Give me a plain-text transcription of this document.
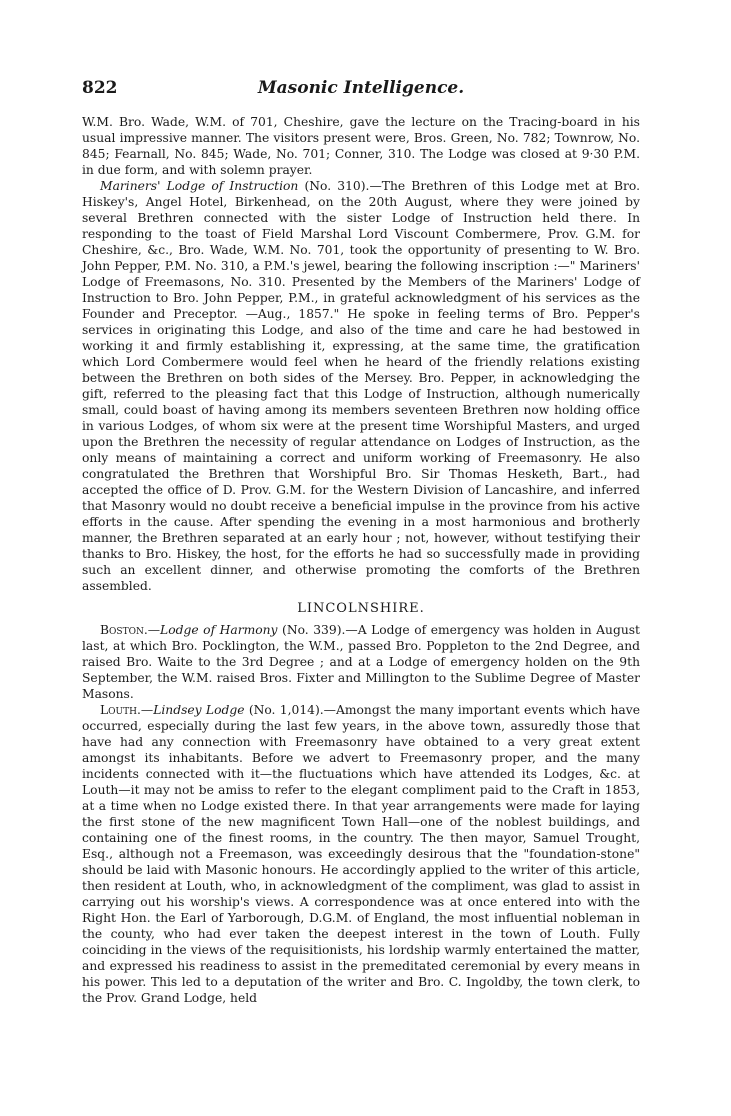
822	Masonic Intelligence.

W.M. Bro. Wade, W.M. of 701, Cheshire, gave the lecture on the Tracing-board in his usual impressive manner. The visitors present were, Bros. Green, No. 782; Townrow, No. 845; Fearnall, No. 845; Wade, No. 701; Conner, 310. The Lodge was closed at 9·30 P.M. in due form, and with solemn prayer.

Mariners' Lodge of Instruction (No. 310).—The Brethren of this Lodge met at Bro. Hiskey's, Angel Hotel, Birkenhead, on the 20th August, where they were joined by several Brethren connected with the sister Lodge of Instruction held there. In responding to the toast of Field Marshal Lord Viscount Combermere, Prov. G.M. for Cheshire, &c., Bro. Wade, W.M. No. 701, took the opportunity of presenting to W. Bro. John Pepper, P.M. No. 310, a P.M.'s jewel, bearing the following inscription :—" Mariners' Lodge of Freemasons, No. 310. Presented by the Members of the Mariners' Lodge of Instruction to Bro. John Pepper, P.M., in grateful acknowledgment of his services as the Founder and Preceptor. —Aug., 1857." He spoke in feeling terms of Bro. Pepper's services in originating this Lodge, and also of the time and care he had bestowed in working it and firmly establishing it, expressing, at the same time, the gratification which Lord Combermere would feel when he heard of the friendly relations existing between the Brethren on both sides of the Mersey. Bro. Pepper, in acknowledging the gift, referred to the pleasing fact that this Lodge of Instruction, although numerically small, could boast of having among its members seventeen Brethren now holding office in various Lodges, of whom six were at the present time Worshipful Masters, and urged upon the Brethren the necessity of regular attendance on Lodges of Instruction, as the only means of maintaining a correct and uniform working of Freemasonry. He also congratulated the Brethren that Worshipful Bro. Sir Thomas Hesketh, Bart., had accepted the office of D. Prov. G.M. for the Western Division of Lancashire, and inferred that Masonry would no doubt receive a beneficial impulse in the province from his active efforts in the cause. After spending the evening in a most harmonious and brotherly manner, the Brethren separated at an early hour ; not, however, without testifying their thanks to Bro. Hiskey, the host, for the efforts he had so successfully made in providing such an excellent dinner, and otherwise promoting the comforts of the Brethren assembled.

LINCOLNSHIRE.

Boston.—Lodge of Harmony (No. 339).—A Lodge of emergency was holden in August last, at which Bro. Pocklington, the W.M., passed Bro. Poppleton to the 2nd Degree, and raised Bro. Waite to the 3rd Degree ; and at a Lodge of emergency holden on the 9th September, the W.M. raised Bros. Fixter and Millington to the Sublime Degree of Master Masons.

Louth.—Lindsey Lodge (No. 1,014).—Amongst the many important events which have occurred, especially during the last few years, in the above town, assuredly those that have had any connection with Freemasonry have obtained to a very great extent amongst its inhabitants. Before we advert to Freemasonry proper, and the many incidents connected with it—the fluctuations which have attended its Lodges, &c. at Louth—it may not be amiss to refer to the elegant compliment paid to the Craft in 1853, at a time when no Lodge existed there. In that year arrangements were made for laying the first stone of the new magnificent Town Hall—one of the noblest buildings, and containing one of the finest rooms, in the country. The then mayor, Samuel Trought, Esq., although not a Freemason, was exceedingly desirous that the "foundation-stone" should be laid with Masonic honours. He accordingly applied to the writer of this article, then resident at Louth, who, in acknowledgment of the compliment, was glad to assist in carrying out his worship's views. A correspondence was at once entered into with the Right Hon. the Earl of Yarborough, D.G.M. of England, the most influential nobleman in the county, who had ever taken the deepest interest in the town of Louth. Fully coinciding in the views of the requisitionists, his lordship warmly entertained the matter, and expressed his readiness to assist in the premeditated ceremonial by every means in his power. This led to a deputation of the writer and Bro. C. Ingoldby, the town clerk, to the Prov. Grand Lodge, held
